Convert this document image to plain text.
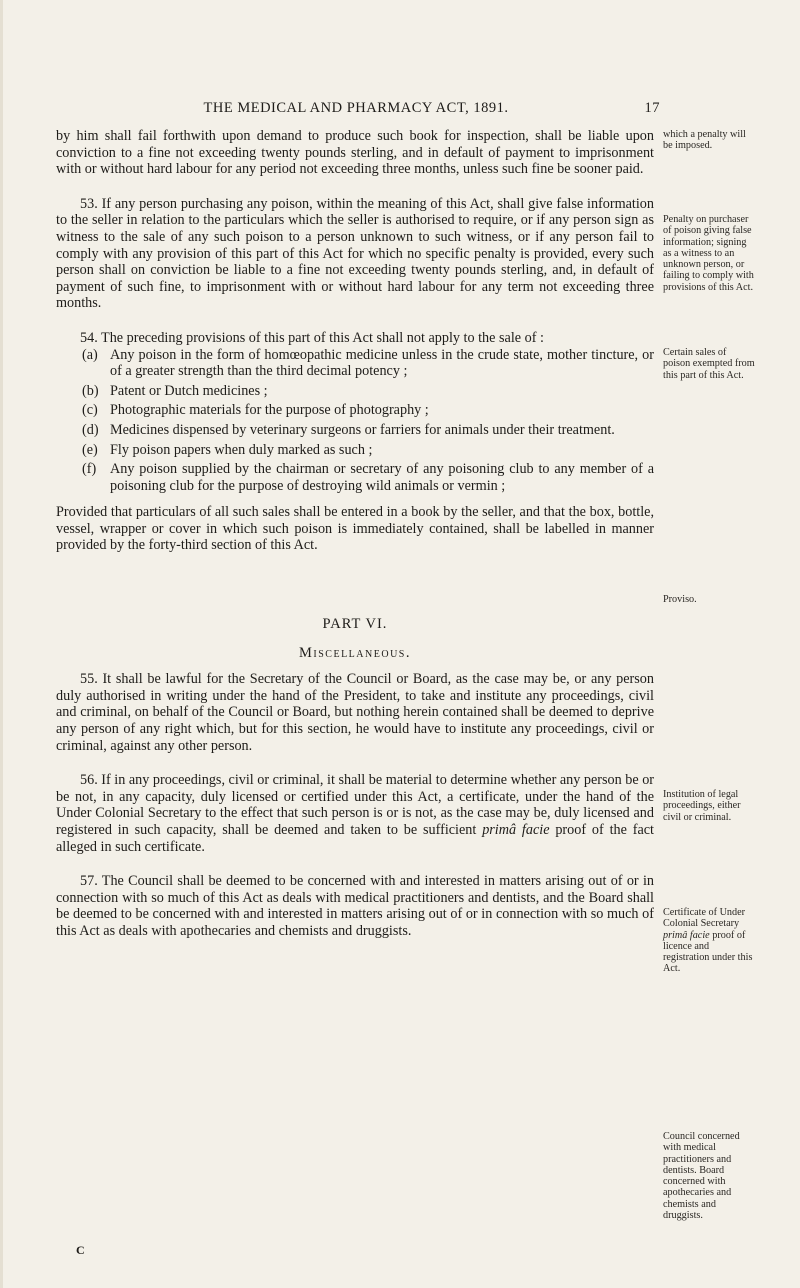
THE MEDICAL AND PHARMACY ACT, 1891.	17

by him shall fail forthwith upon demand to produce such book for inspection, shall be liable upon conviction to a fine not exceeding twenty pounds sterling, and in default of payment to imprisonment with or without hard labour for any period not exceeding three months, unless such fine be sooner paid.

53. If any person purchasing any poison, within the meaning of this Act, shall give false information to the seller in relation to the particulars which the seller is authorised to require, or if any person sign as witness to the sale of any such poison to a person unknown to such witness, or if any person fail to comply with any provision of this part of this Act for which no specific penalty is provided, every such person shall on conviction be liable to a fine not exceeding twenty pounds sterling, and, in default of payment of such fine, to imprisonment with or without hard labour for any term not exceeding three months.

54. The preceding provisions of this part of this Act shall not apply to the sale of :

(a) Any poison in the form of homœopathic medicine unless in the crude state, mother tincture, or of a greater strength than the third decimal potency ;
(b) Patent or Dutch medicines ;
(c) Photographic materials for the purpose of photography ;
(d) Medicines dispensed by veterinary surgeons or farriers for animals under their treatment.
(e) Fly poison papers when duly marked as such ;
(f) Any poison supplied by the chairman or secretary of any poisoning club to any member of a poisoning club for the purpose of destroying wild animals or vermin ;

Provided that particulars of all such sales shall be entered in a book by the seller, and that the box, bottle, vessel, wrapper or cover in which such poison is immediately contained, shall be labelled in manner provided by the forty-third section of this Act.

PART VI.

Miscellaneous.

55. It shall be lawful for the Secretary of the Council or Board, as the case may be, or any person duly authorised in writing under the hand of the President, to take and institute any proceedings, civil and criminal, on behalf of the Council or Board, but nothing herein contained shall be deemed to deprive any person of any right which, but for this section, he would have to institute any proceedings, civil or criminal, against any other person.

56. If in any proceedings, civil or criminal, it shall be material to determine whether any person be or be not, in any capacity, duly licensed or certified under this Act, a certificate, under the hand of the Under Colonial Secretary to the effect that such person is or is not, as the case may be, duly licensed and registered in such capacity, shall be deemed and taken to be sufficient primâ facie proof of the fact alleged in such certificate.

57. The Council shall be deemed to be concerned with and interested in matters arising out of or in connection with so much of this Act as deals with medical practitioners and dentists, and the Board shall be deemed to be concerned with and interested in matters arising out of or in connection with so much of this Act as deals with apothecaries and chemists and druggists.

which a penalty will be imposed.
Penalty on purchaser of poison giving false information; signing as a witness to an unknown person, or failing to comply with provisions of this Act.
Certain sales of poison exempted from this part of this Act.
Proviso.
Institution of legal proceedings, either civil or criminal.
Certificate of Under Colonial Secretary primâ facie proof of licence and registration under this Act.
Council concerned with medical practitioners and dentists. Board concerned with apothecaries and chemists and druggists.
C
